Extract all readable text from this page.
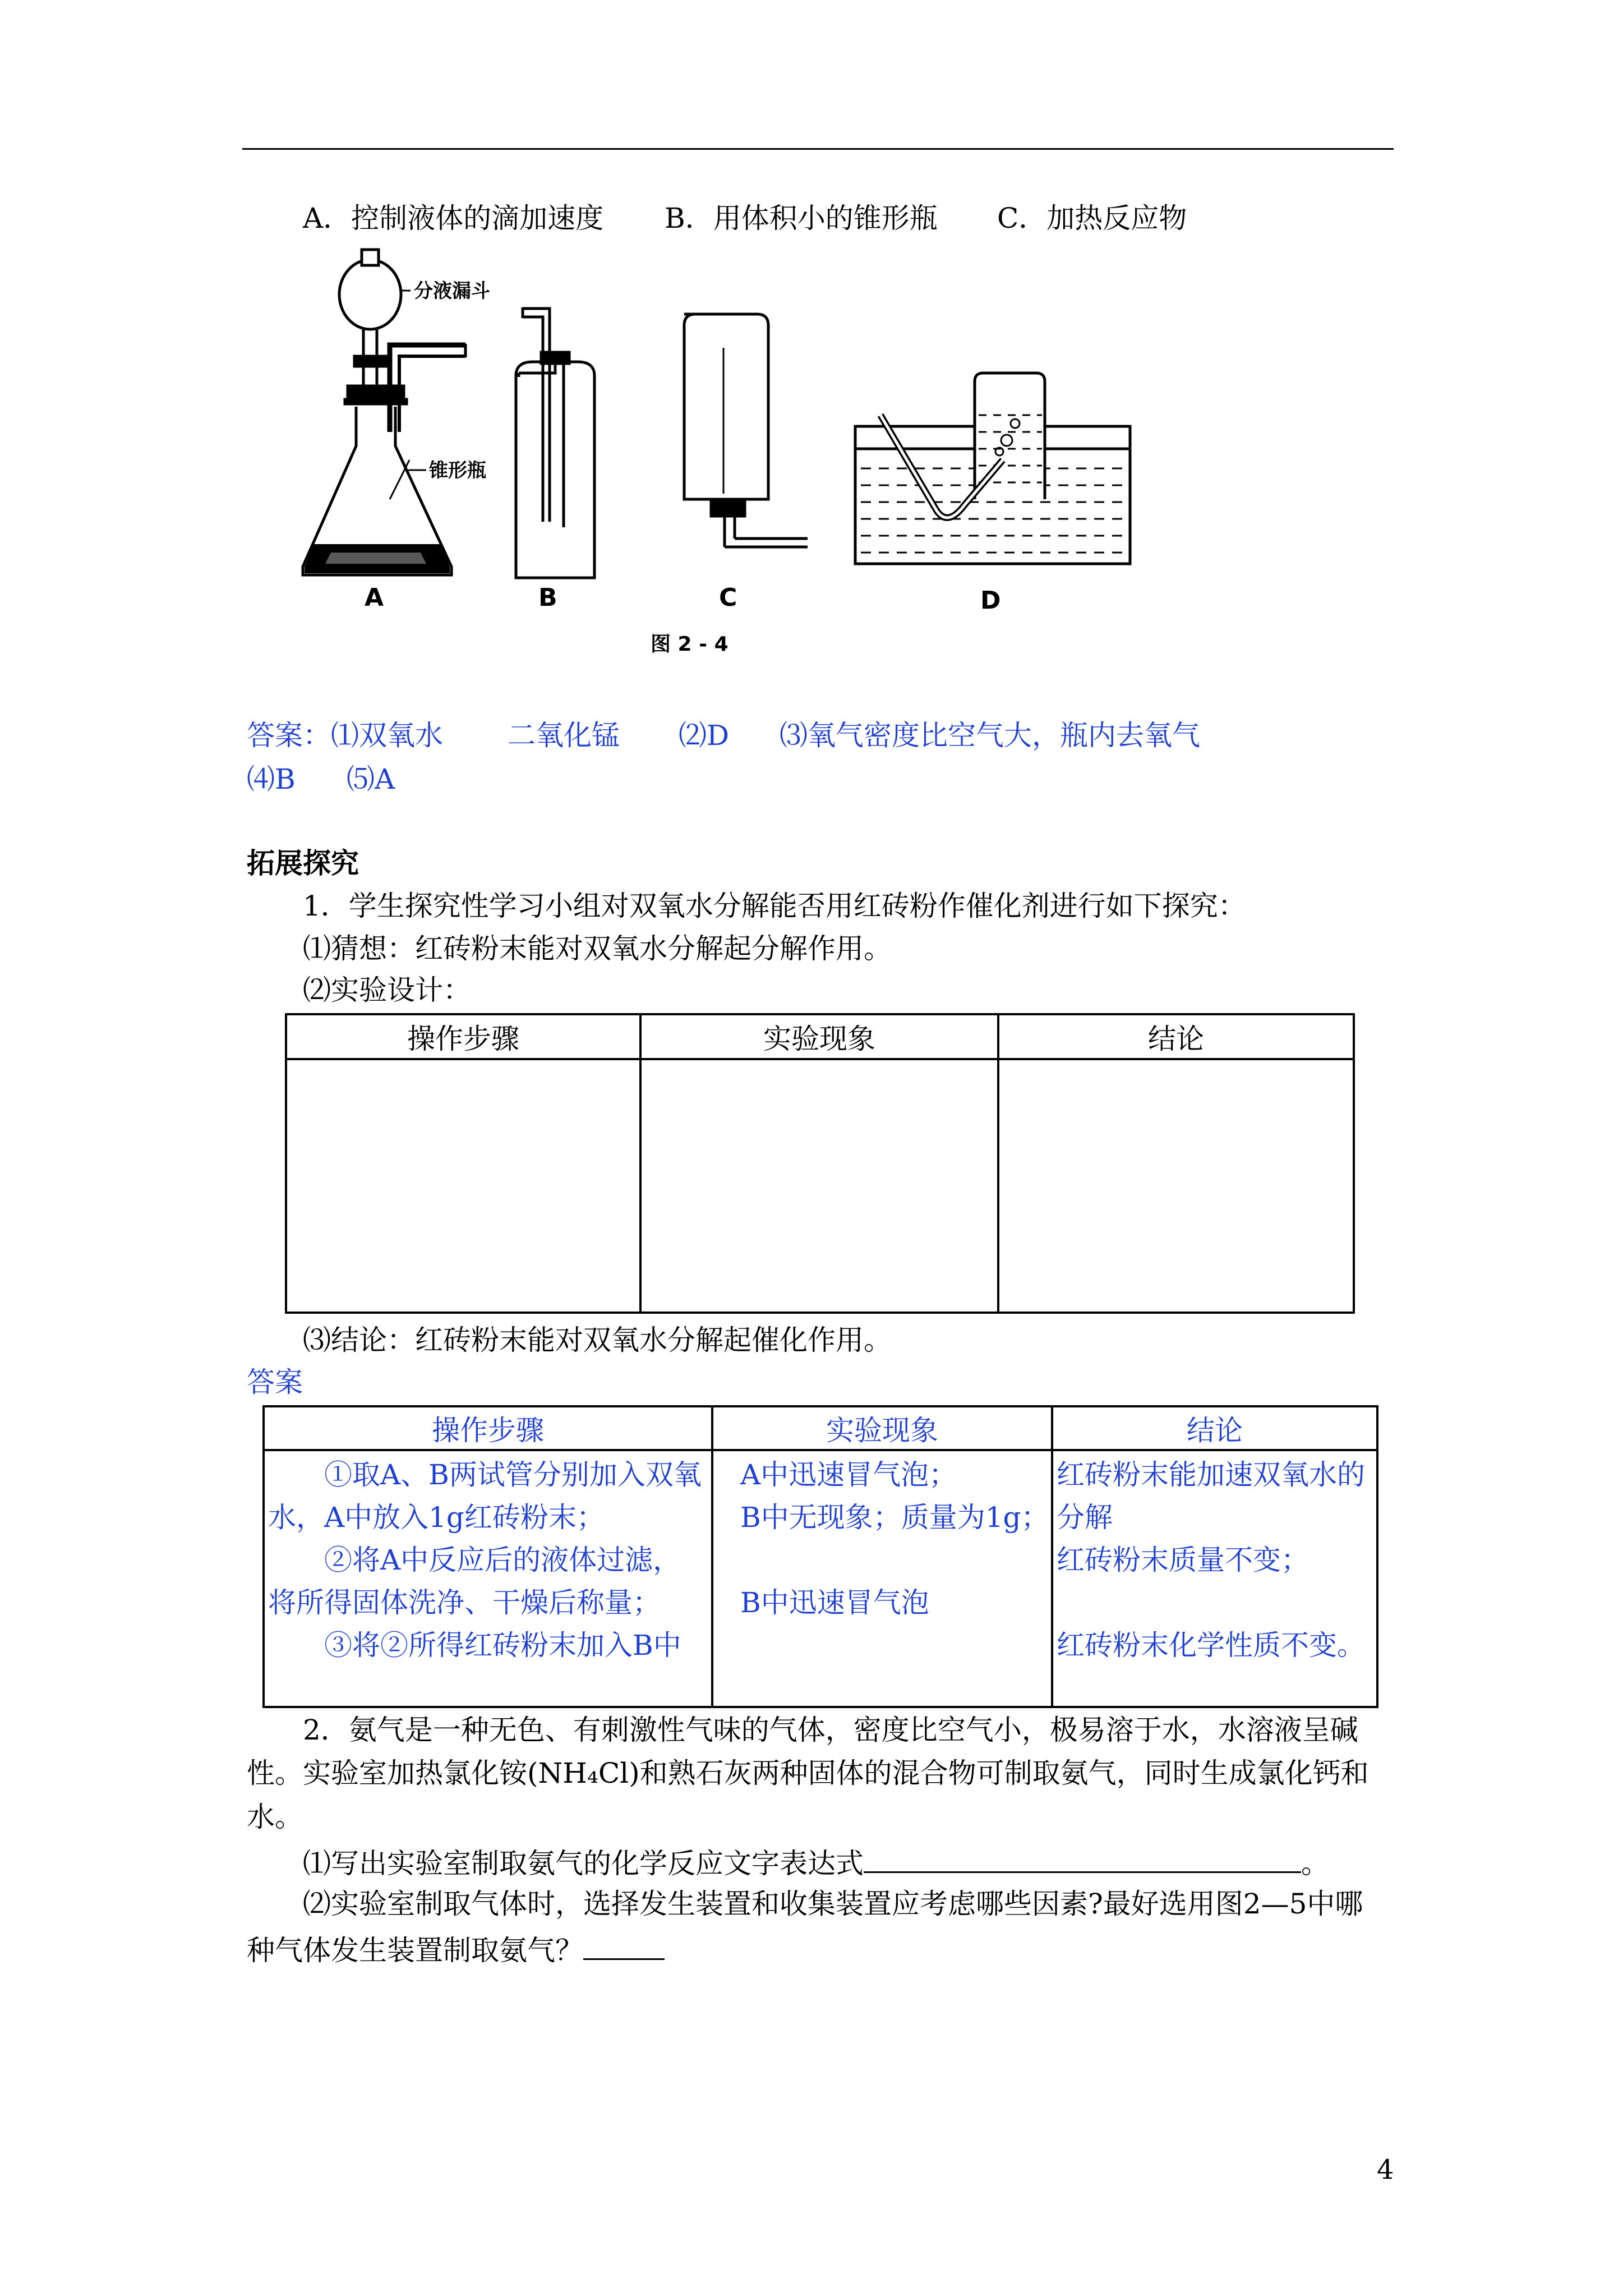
A．控制液体的滴加速度 B．用体积小的锥形瓶 C．加热反应物
分液漏斗
锥形瓶
A	B	C	D
图 2 - 4
答案：⑴双氧水 二氧化锰 ⑵D ⑶氧气密度比空气大，瓶内去氧气
⑷B ⑸A
拓展探究
1．学生探究性学习小组对双氧水分解能否用红砖粉作催化剂进行如下探究：
⑴猜想：红砖粉末能对双氧水分解起分解作用。
⑵实验设计：
操作步骤	实验现象	结论

⑶结论：红砖粉末能对双氧水分解起催化作用。
答案
操作步骤	实验现象	结论

①取A、B两试管分别加入双氧
水，A中放入1g红砖粉末；
②将A中反应后的液体过滤，
将所得固体洗净、干燥后称量；
③将②所得红砖粉末加入B中	A中迅速冒气泡；
B中无现象；质量为1g；
B中迅速冒气泡	红砖粉末能加速双氧水的
分解
红砖粉末质量不变；
红砖粉末化学性质不变。
2．氨气是一种无色、有刺激性气味的气体，密度比空气小，极易溶于水，水溶液呈碱
性。实验室加热氯化铵(NH₄Cl)和熟石灰两种固体的混合物可制取氨气，同时生成氯化钙和
水。
⑴写出实验室制取氨气的化学反应文字表达式	。
⑵实验室制取气体时，选择发生装置和收集装置应考虑哪些因素?最好选用图2—5中哪
种气体发生装置制取氨气？
4
